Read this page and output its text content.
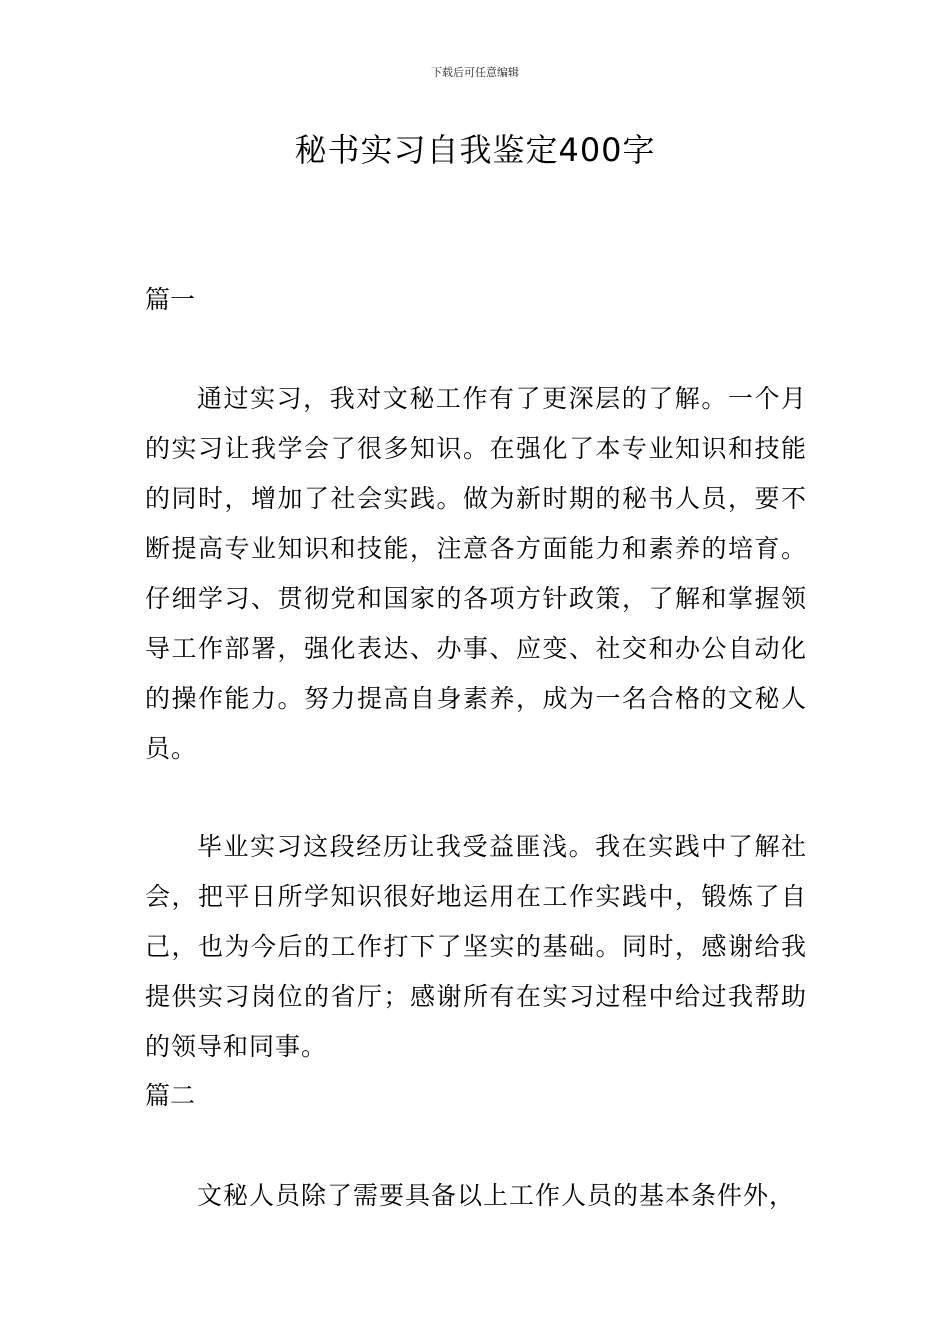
下载后可任意编辑
秘书实习自我鉴定400字
篇一

通过实习，我对文秘工作有了更深层的了解。一个月的实习让我学会了很多知识。在强化了本专业知识和技能的同时，增加了社会实践。做为新时期的秘书人员，要不断提高专业知识和技能，注意各方面能力和素养的培育。仔细学习、贯彻党和国家的各项方针政策，了解和掌握领导工作部署，强化表达、办事、应变、社交和办公自动化的操作能力。努力提高自身素养，成为一名合格的文秘人员。

毕业实习这段经历让我受益匪浅。我在实践中了解社会，把平日所学知识很好地运用在工作实践中，锻炼了自己，也为今后的工作打下了坚实的基础。同时，感谢给我提供实习岗位的省厅；感谢所有在实习过程中给过我帮助的领导和同事。

篇二

文秘人员除了需要具备以上工作人员的基本条件外，
